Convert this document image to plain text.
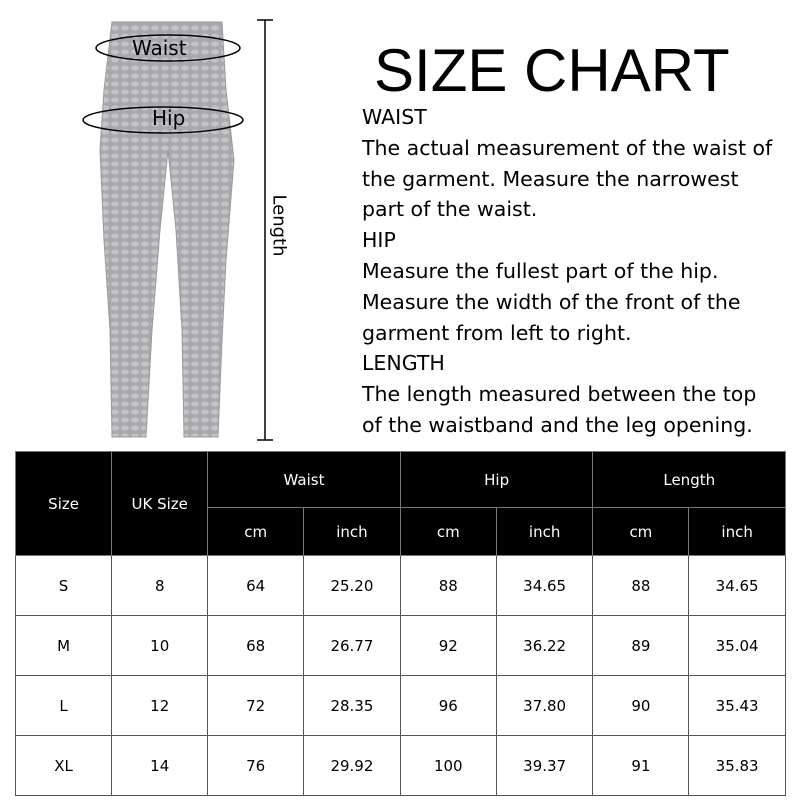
Waist
Hip
Length
SIZE CHART
WAIST
The actual measurement of the waist of
the garment. Measure the narrowest
part of the waist.
HIP
Measure the fullest part of the hip.
Measure the width of the front of the
garment from left to right.
LENGTH
The length measured between the top
of the waistband and the leg opening.
Size	UK Size	Waist		Hip		Length	
		cm	inch	cm	inch	cm	inch
S	8	64	25.20	88	34.65	88	34.65
M	10	68	26.77	92	36.22	89	35.04
L	12	72	28.35	96	37.80	90	35.43
XL	14	76	29.92	100	39.37	91	35.83
